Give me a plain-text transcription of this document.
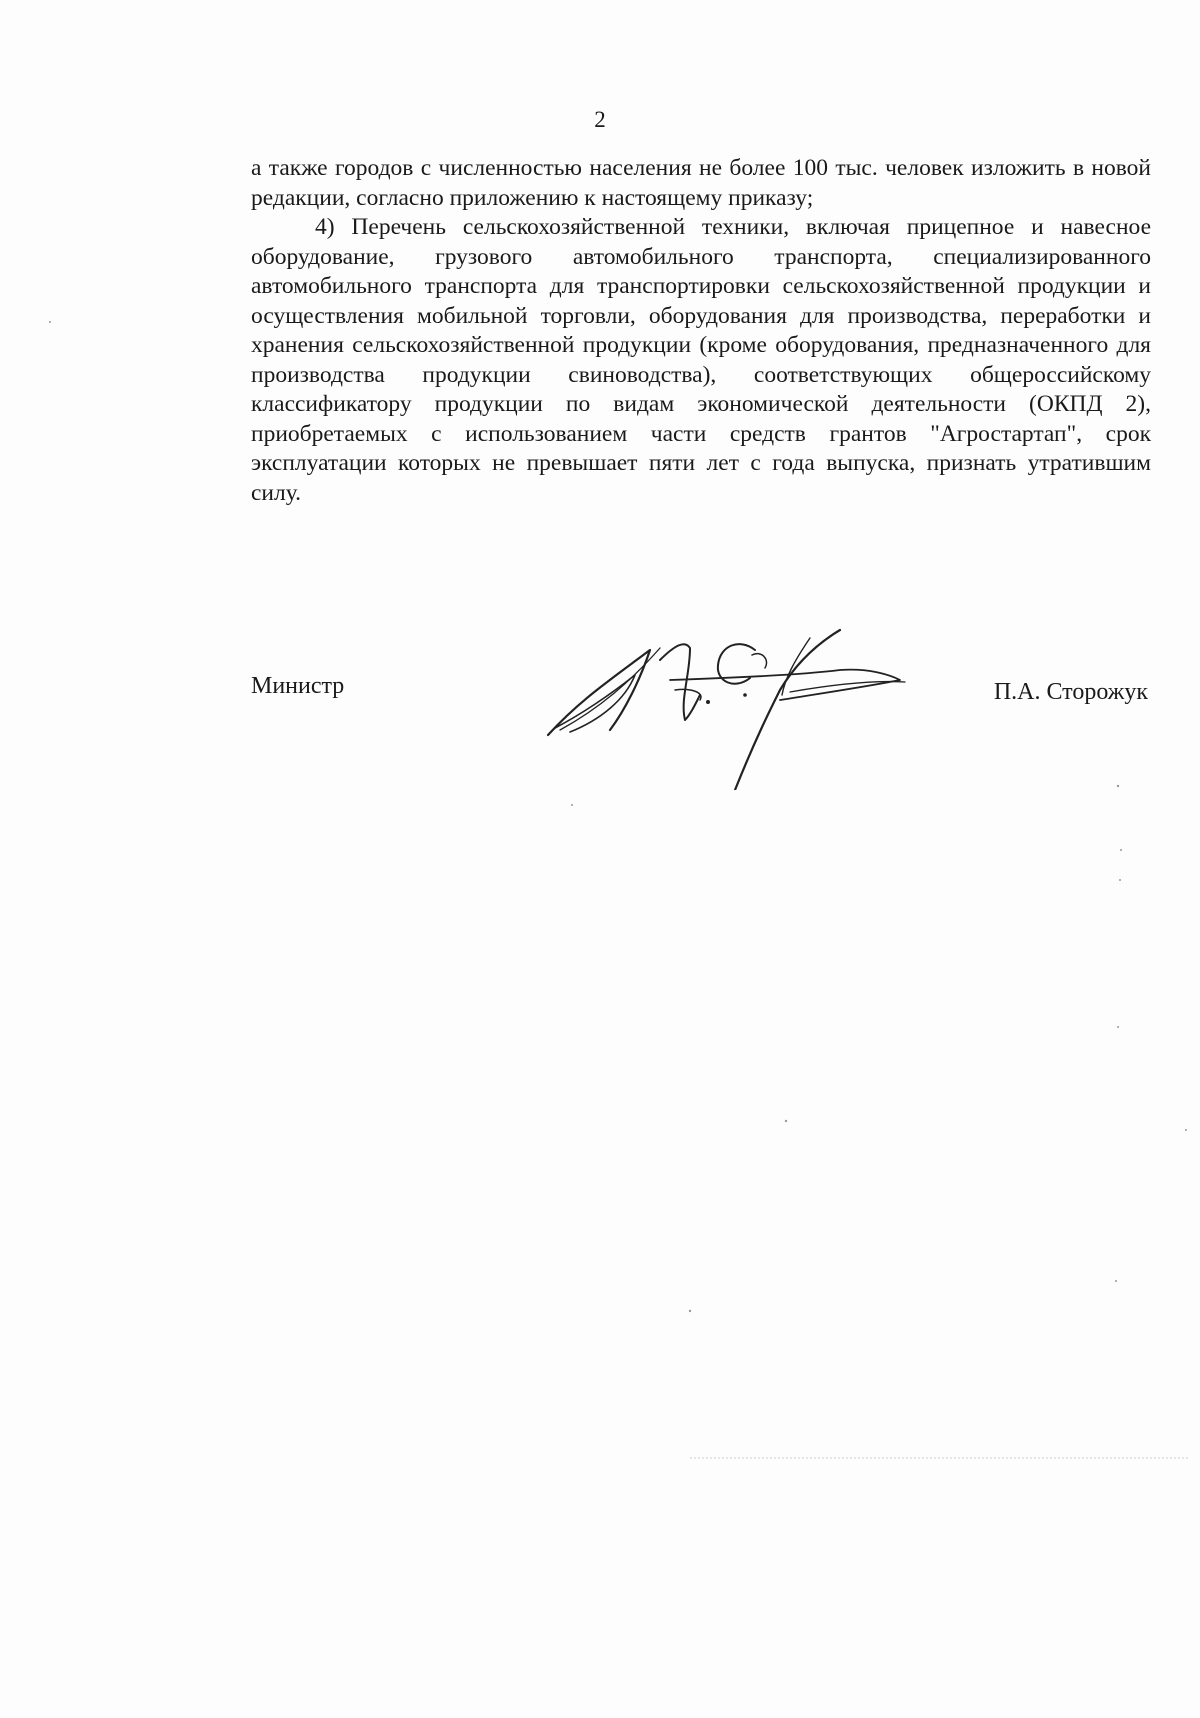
2

а также городов с численностью населения не более 100 тыс. человек изложить в новой редакции, согласно приложению к настоящему приказу;

4) Перечень сельскохозяйственной техники, включая прицепное и навесное оборудование, грузового автомобильного транспорта, специализированного автомобильного транспорта для транспортировки сельскохозяйственной продукции и осуществления мобильной торговли, оборудования для производства, переработки и хранения сельскохозяйственной продукции (кроме оборудования, предназначенного для производства продукции свиноводства), соответствующих общероссийскому классификатору продукции по видам экономической деятельности (ОКПД 2), приобретаемых с использованием части средств грантов "Агростартап", срок эксплуатации которых не превышает пяти лет с года выпуска, признать утратившим силу.

Министр	П.А. Сторожук
